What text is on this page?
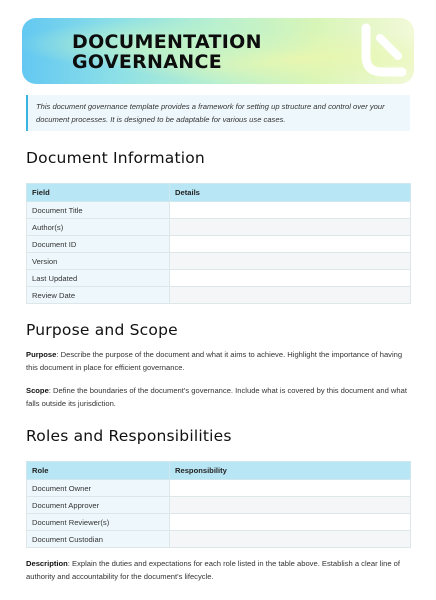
DOCUMENTATION
GOVERNANCE
This document governance template provides a framework for setting up structure and control over your document processes. It is designed to be adaptable for various use cases.
Document Information
Field	Details
Document Title	
Author(s)	
Document ID	
Version	
Last Updated	
Review Date	
Purpose and Scope

Purpose: Describe the purpose of the document and what it aims to achieve. Highlight the importance of having this document in place for efficient governance.

Scope: Define the boundaries of the document's governance. Include what is covered by this document and what falls outside its jurisdiction.

Roles and Responsibilities
Role	Responsibility
Document Owner	
Document Approver	
Document Reviewer(s)	
Document Custodian	

Description: Explain the duties and expectations for each role listed in the table above. Establish a clear line of authority and accountability for the document's lifecycle.
